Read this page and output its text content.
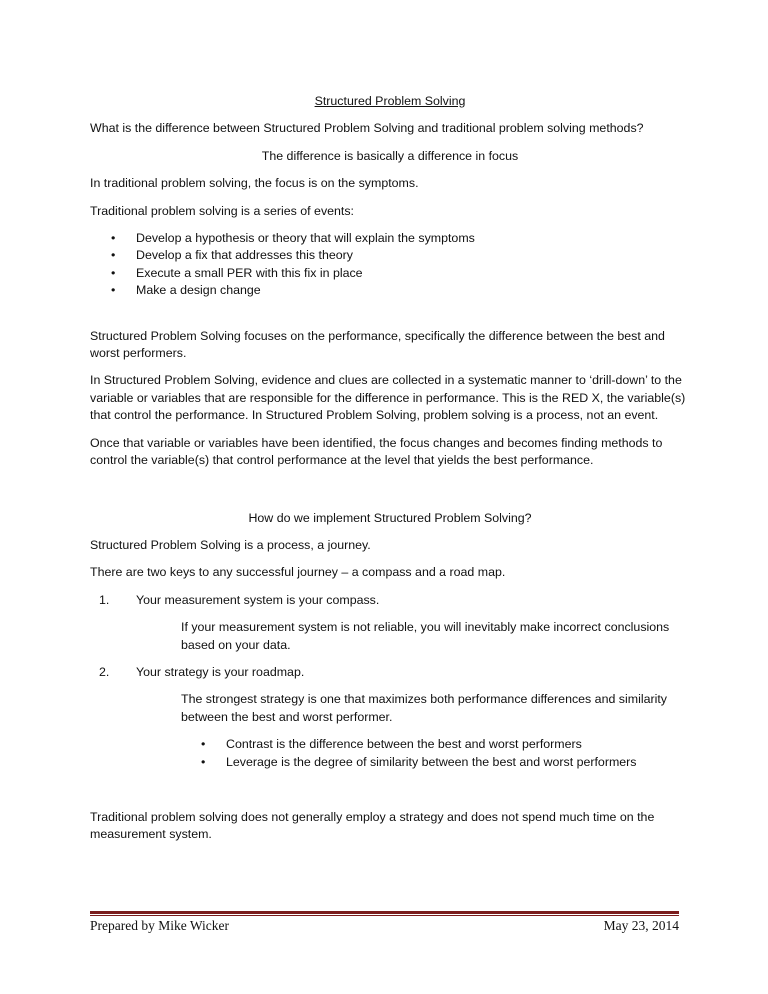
Structured Problem Solving

What is the difference between Structured Problem Solving and traditional problem solving methods?

The difference is basically a difference in focus

In traditional problem solving, the focus is on the symptoms.

Traditional problem solving is a series of events:

• Develop a hypothesis or theory that will explain the symptoms
• Develop a fix that addresses this theory
• Execute a small PER with this fix in place
• Make a design change

Structured Problem Solving focuses on the performance, specifically the difference between the best and worst performers.

In Structured Problem Solving, evidence and clues are collected in a systematic manner to ‘drill-down’ to the variable or variables that are responsible for the difference in performance. This is the RED X, the variable(s) that control the performance. In Structured Problem Solving, problem solving is a process, not an event.

Once that variable or variables have been identified, the focus changes and becomes finding methods to control the variable(s) that control performance at the level that yields the best performance.

How do we implement Structured Problem Solving?

Structured Problem Solving is a process, a journey.

There are two keys to any successful journey – a compass and a road map.

1. Your measurement system is your compass.

If your measurement system is not reliable, you will inevitably make incorrect conclusions based on your data.

2. Your strategy is your roadmap.

The strongest strategy is one that maximizes both performance differences and similarity between the best and worst performer.

• Contrast is the difference between the best and worst performers
• Leverage is the degree of similarity between the best and worst performers

Traditional problem solving does not generally employ a strategy and does not spend much time on the measurement system.

Prepared by Mike Wicker	May 23, 2014
